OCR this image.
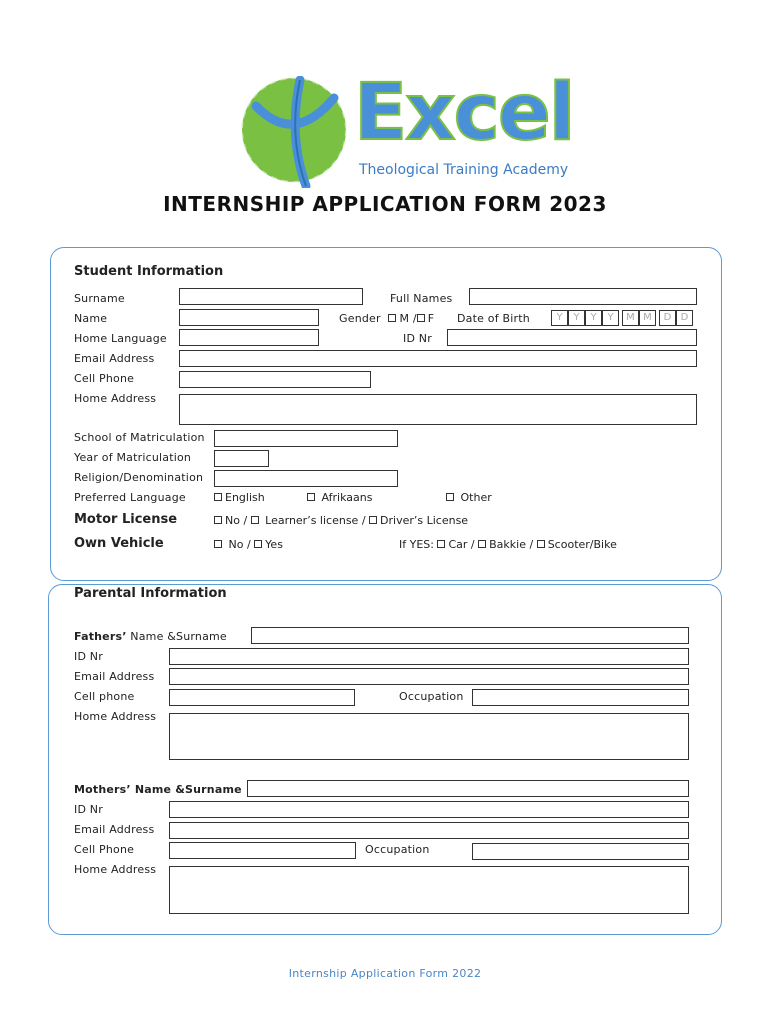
Excel
Theological Training Academy
INTERNSHIP APPLICATION FORM 2023
Student Information
Surname	Full Names
Name	Gender M / F Date of Birth	Y	Y	Y	Y	M M	D D
Home Language	ID Nr
Email Address
Cell Phone
Home Address
School of Matriculation
Year of Matriculation
Religion/Denomination
Preferred Language	English	Afrikaans	Other
Motor License	No / Learner’s license / Driver’s License
Own Vehicle	No / Yes	If YES: Car / Bakkie / Scooter/Bike
Parental Information
Fathers’ Name &Surname
ID Nr
Email Address
Cell phone	Occupation
Home Address
Mothers’ Name &Surname
ID Nr
Email Address
Cell Phone	Occupation
Home Address
Internship Application Form 2022
